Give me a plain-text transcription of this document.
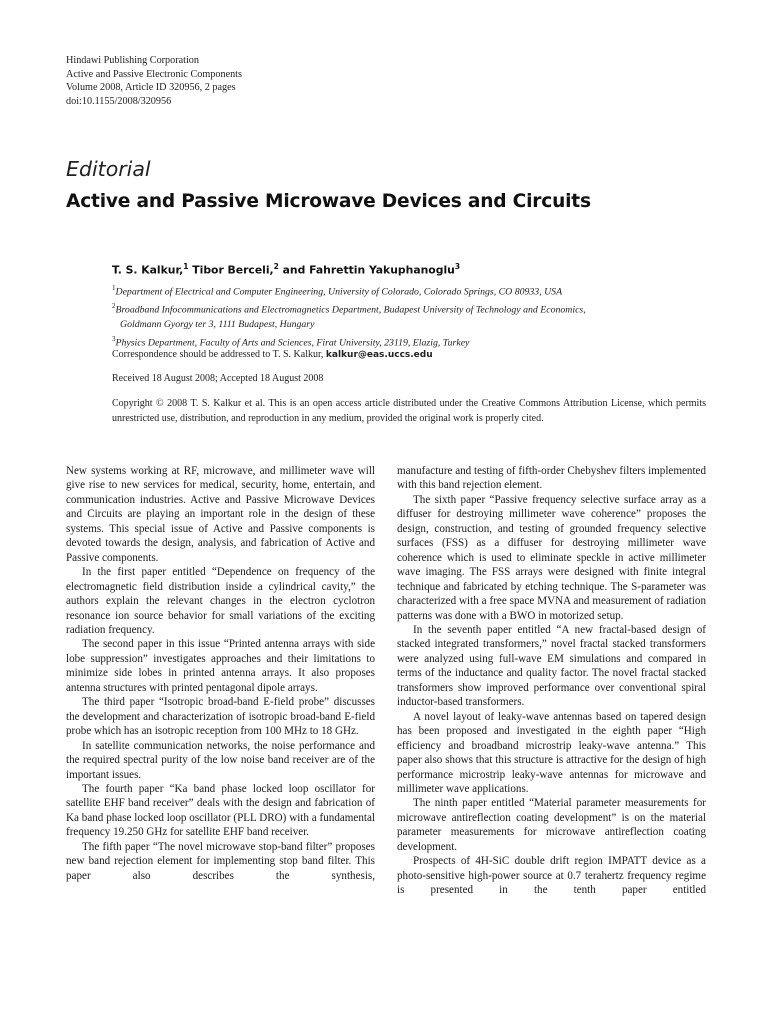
Hindawi Publishing Corporation
Active and Passive Electronic Components
Volume 2008, Article ID 320956, 2 pages
doi:10.1155/2008/320956
Editorial
Active and Passive Microwave Devices and Circuits
T. S. Kalkur,$^1$ Tibor Berceli,$^2$ and Fahrettin Yakuphanoglu$^3$
$^1$Department of Electrical and Computer Engineering, University of Colorado, Colorado Springs, CO 80933, USA
$^2$Broadband Infocommunications and Electromagnetics Department, Budapest University of Technology and Economics,
Goldmann Gyorgy ter 3, 1111 Budapest, Hungary
$^3$Physics Department, Faculty of Arts and Sciences, Firat University, 23119, Elazig, Turkey
Correspondence should be addressed to T. S. Kalkur, kalkur@eas.uccs.edu
Received 18 August 2008; Accepted 18 August 2008
Copyright © 2008 T. S. Kalkur et al. This is an open access article distributed under the Creative Commons Attribution License, which permits unrestricted use, distribution, and reproduction in any medium, provided the original work is properly cited.

New systems working at RF, microwave, and millimeter wave will give rise to new services for medical, security, home, entertain, and communication industries. Active and Passive Microwave Devices and Circuits are playing an important role in the design of these systems. This special issue of Active and Passive components is devoted towards the design, analysis, and fabrication of Active and Passive components.

In the first paper entitled “Dependence on frequency of the electromagnetic field distribution inside a cylindrical cavity,” the authors explain the relevant changes in the electron cyclotron resonance ion source behavior for small variations of the exciting radiation frequency.

The second paper in this issue “Printed antenna arrays with side lobe suppression” investigates approaches and their limitations to minimize side lobes in printed antenna arrays. It also proposes antenna structures with printed pentagonal dipole arrays.

The third paper “Isotropic broad-band E-field probe” discusses the development and characterization of isotropic broad-band E-field probe which has an isotropic reception from 100 MHz to 18 GHz.

In satellite communication networks, the noise performance and the required spectral purity of the low noise band receiver are of the important issues.

The fourth paper “Ka band phase locked loop oscillator for satellite EHF band receiver” deals with the design and fabrication of Ka band phase locked loop oscillator (PLL DRO) with a fundamental frequency 19.250 GHz for satellite EHF band receiver.

The fifth paper “The novel microwave stop-band filter” proposes new band rejection element for implementing stop band filter. This paper also describes the synthesis,

manufacture and testing of fifth-order Chebyshev filters implemented with this band rejection element.

The sixth paper “Passive frequency selective surface array as a diffuser for destroying millimeter wave coherence” proposes the design, construction, and testing of grounded frequency selective surfaces (FSS) as a diffuser for destroying millimeter wave coherence which is used to eliminate speckle in active millimeter wave imaging. The FSS arrays were designed with finite integral technique and fabricated by etching technique. The S-parameter was characterized with a free space MVNA and measurement of radiation patterns was done with a BWO in motorized setup.

In the seventh paper entitled “A new fractal-based design of stacked integrated transformers,” novel fractal stacked transformers were analyzed using full-wave EM simulations and compared in terms of the inductance and quality factor. The novel fractal stacked transformers show improved performance over conventional spiral inductor-based transformers.

A novel layout of leaky-wave antennas based on tapered design has been proposed and investigated in the eighth paper “High efficiency and broadband microstrip leaky-wave antenna.” This paper also shows that this structure is attractive for the design of high performance microstrip leaky-wave antennas for microwave and millimeter wave applications.

The ninth paper entitled “Material parameter measurements for microwave antireflection coating development” is on the material parameter measurements for microwave antireflection coating development.

Prospects of 4H-SiC double drift region IMPATT device as a photo-sensitive high-power source at 0.7 terahertz frequency regime is presented in the tenth paper entitled
